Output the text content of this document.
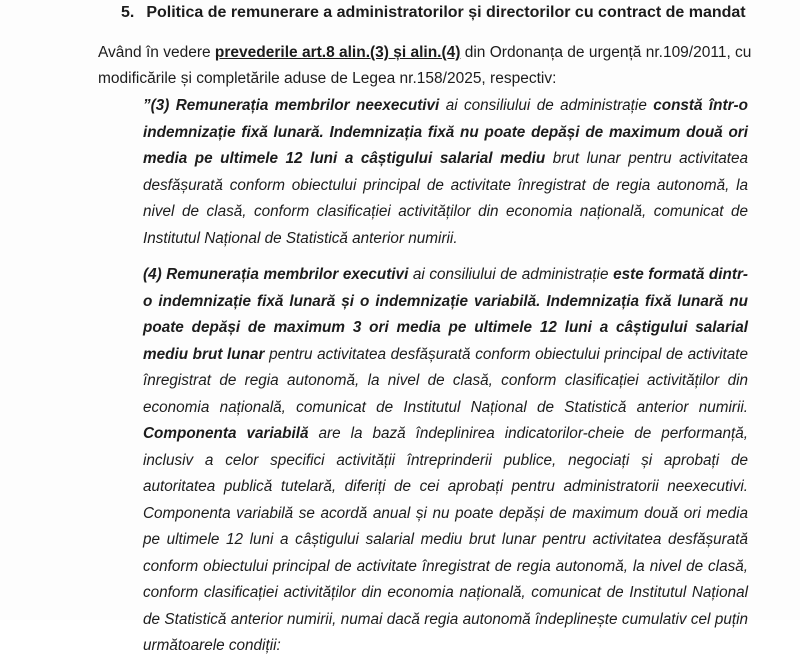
5. Politica de remunerare a administratorilor și directorilor cu contract de mandat

Având în vedere prevederile art.8 alin.(3) și alin.(4) din Ordonanța de urgență nr.109/2011, cu modificările și completările aduse de Legea nr.158/2025, respectiv:

”(3) Remunerația membrilor neexecutivi ai consiliului de administrație constă într-o indemnizație fixă lunară. Indemnizația fixă nu poate depăși de maximum două ori media pe ultimele 12 luni a câștigului salarial mediu brut lunar pentru activitatea desfășurată conform obiectului principal de activitate înregistrat de regia autonomă, la nivel de clasă, conform clasificației activităților din economia națională, comunicat de Institutul Național de Statistică anterior numirii.

(4) Remunerația membrilor executivi ai consiliului de administrație este formată dintr-o indemnizație fixă lunară și o indemnizație variabilă. Indemnizația fixă lunară nu poate depăși de maximum 3 ori media pe ultimele 12 luni a câștigului salarial mediu brut lunar pentru activitatea desfășurată conform obiectului principal de activitate înregistrat de regia autonomă, la nivel de clasă, conform clasificației activităților din economia națională, comunicat de Institutul Național de Statistică anterior numirii. Componenta variabilă are la bază îndeplinirea indicatorilor-cheie de performanță, inclusiv a celor specifici activității întreprinderii publice, negociați și aprobați de autoritatea publică tutelară, diferiți de cei aprobați pentru administratorii neexecutivi. Componenta variabilă se acordă anual și nu poate depăși de maximum două ori media pe ultimele 12 luni a câștigului salarial mediu brut lunar pentru activitatea desfășurată conform obiectului principal de activitate înregistrat de regia autonomă, la nivel de clasă, conform clasificației activităților din economia națională, comunicat de Institutul Național de Statistică anterior numirii, numai dacă regia autonomă îndeplinește cumulativ cel puțin următoarele condiții:
